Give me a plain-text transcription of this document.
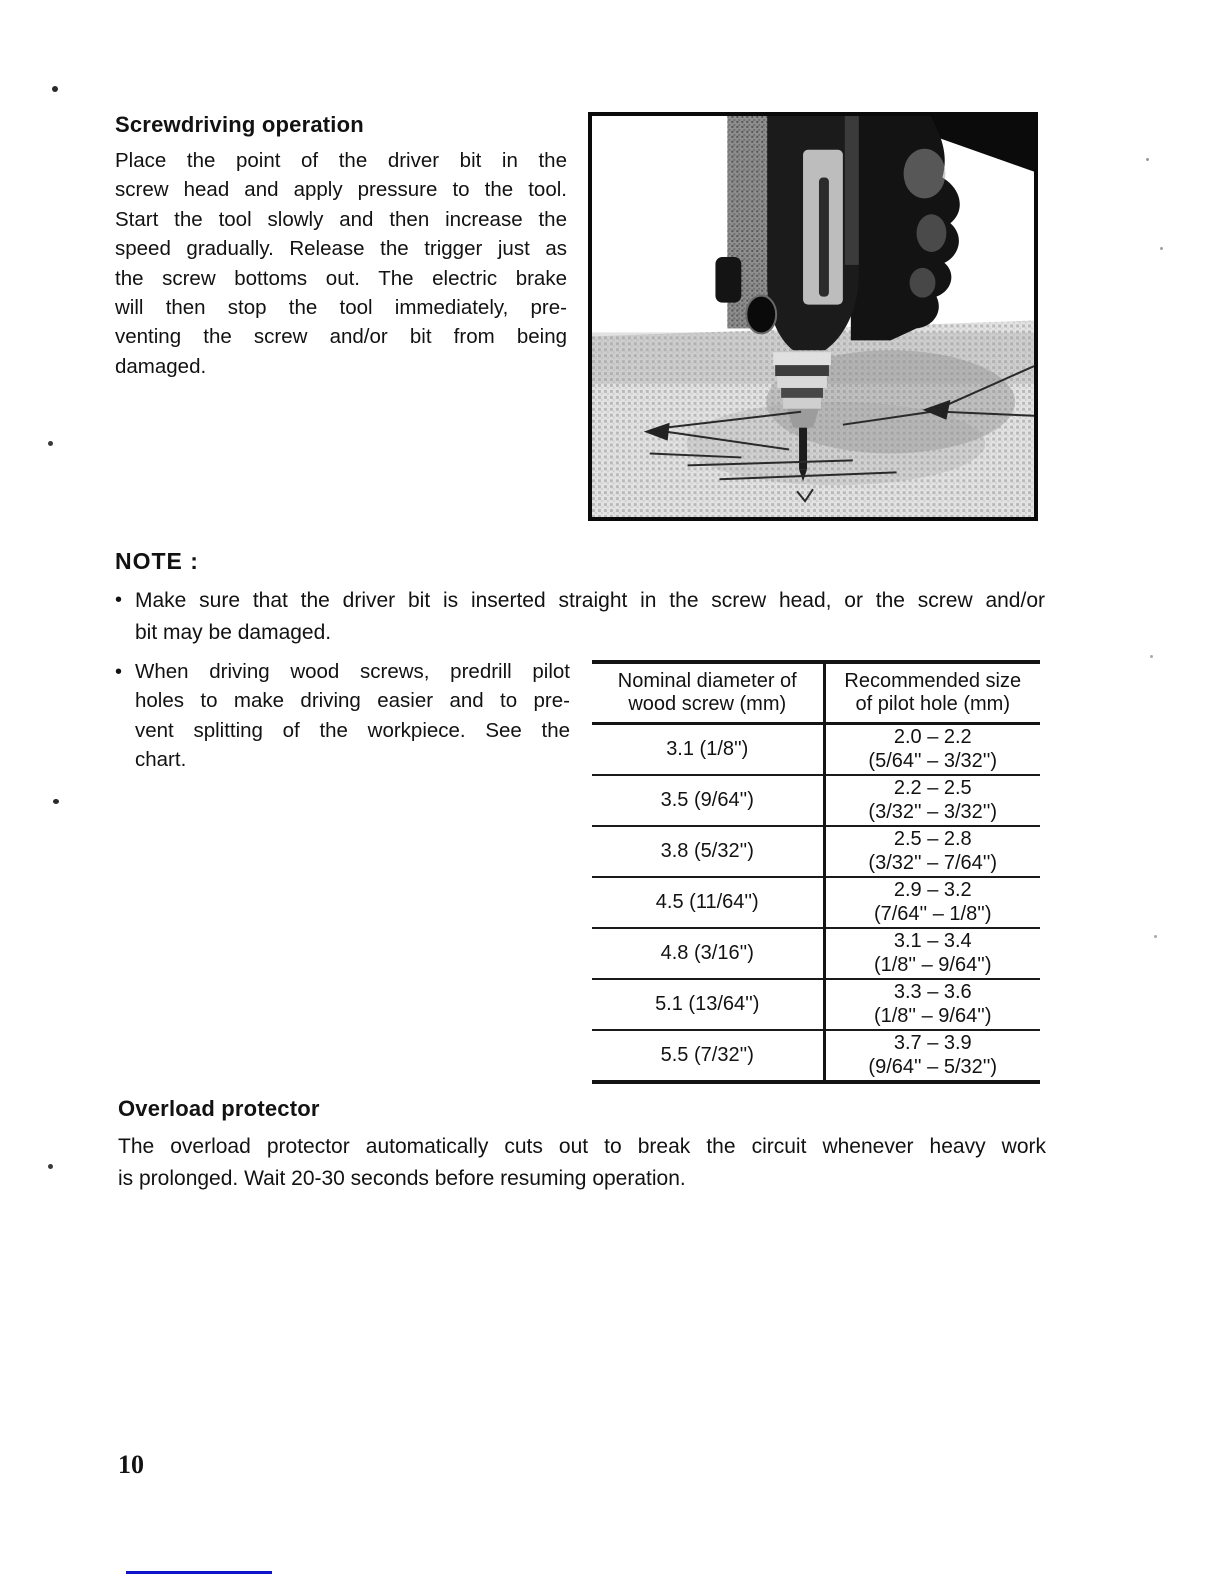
Screwdriving operation
Place the point of the driver bit in the
screw head and apply pressure to the tool.
Start the tool slowly and then increase the
speed gradually. Release the trigger just as
the screw bottoms out. The electric brake
will then stop the tool immediately, pre-
venting the screw and/or bit from being
damaged.
NOTE :
• Make sure that the driver bit is inserted straight in the screw head, or the screw and/or
bit may be damaged.
• When driving wood screws, predrill pilot
holes to make driving easier and to pre-
vent splitting of the workpiece. See the
chart.
Nominal diameter of
wood screw (mm)

Recommended size
of pilot hole (mm)

3.1 (1/8'')	2.0 – 2.2
(5/64'' – 3/32'')

3.5 (9/64'')	2.2 – 2.5
(3/32'' – 3/32'')

3.8 (5/32'')	2.5 – 2.8
(3/32'' – 7/64'')

4.5 (11/64'')	2.9 – 3.2
(7/64'' – 1/8'')

4.8 (3/16'')	3.1 – 3.4
(1/8'' – 9/64'')

5.1 (13/64'')	3.3 – 3.6
(1/8'' – 9/64'')

5.5 (7/32'')	3.7 – 3.9
(9/64'' – 5/32'')
Overload protector
The overload protector automatically cuts out to break the circuit whenever heavy work
is prolonged. Wait 20-30 seconds before resuming operation.
10
